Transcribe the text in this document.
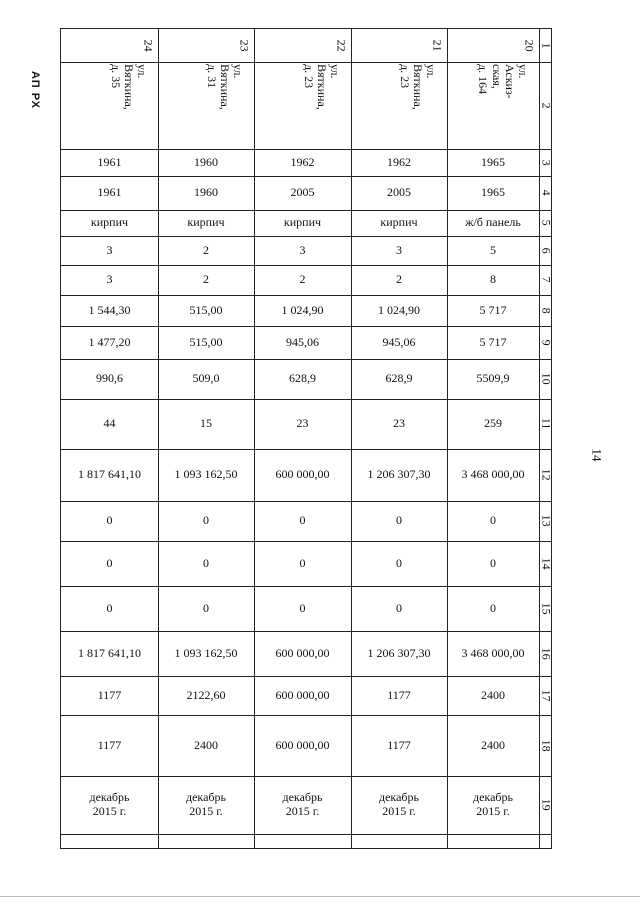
АП РХ
14
1
2
3
4
5
6
7
8
9
10
11
12
13
14
15
16
17
18
19
24
ул. Вяткина,
д. 35
1961
1961
кирпич
3
3
1 544,30
1 477,20
990,6
44
1 817 641,10
0
0
0
1 817 641,10
1177
1177
декабрь
2015 г.
23
ул. Вяткина,
д. 31
1960
1960
кирпич
2
2
515,00
515,00
509,0
15
1 093 162,50
0
0
0
1 093 162,50
2122,60
2400
декабрь
2015 г.
22
ул. Вяткина,
д. 23
1962
2005
кирпич
3
2
1 024,90
945,06
628,9
23
600 000,00
0
0
0
600 000,00
600 000,00
600 000,00
декабрь
2015 г.
21
ул. Вяткина,
д. 23
1962
2005
кирпич
3
2
1 024,90
945,06
628,9
23
1 206 307,30
0
0
0
1 206 307,30
1177
1177
декабрь
2015 г.
20
ул. Аскиз-
ская, д. 164
1965
1965
ж/б панель
5
8
5 717
5 717
5509,9
259
3 468 000,00
0
0
0
3 468 000,00
2400
2400
декабрь
2015 г.
